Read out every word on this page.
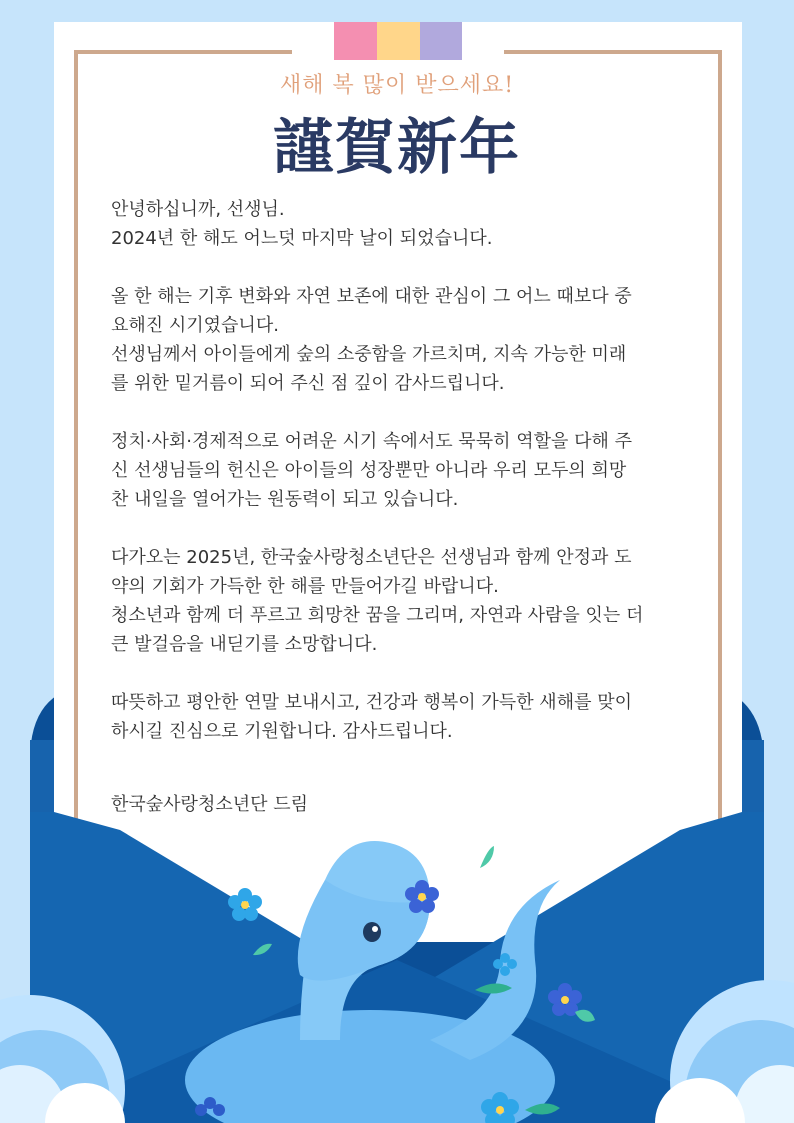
새해 복 많이 받으세요!
謹賀新年

안녕하십니까, 선생님.

2024년 한 해도 어느덧 마지막 날이 되었습니다.

올 한 해는 기후 변화와 자연 보존에 대한 관심이 그 어느 때보다 중

요해진 시기였습니다.

선생님께서 아이들에게 숲의 소중함을 가르치며, 지속 가능한 미래

를 위한 밑거름이 되어 주신 점 깊이 감사드립니다.

정치·사회·경제적으로 어려운 시기 속에서도 묵묵히 역할을 다해 주

신 선생님들의 헌신은 아이들의 성장뿐만 아니라 우리 모두의 희망

찬 내일을 열어가는 원동력이 되고 있습니다.

다가오는 2025년, 한국숲사랑청소년단은 선생님과 함께 안정과 도

약의 기회가 가득한 한 해를 만들어가길 바랍니다.

청소년과 함께 더 푸르고 희망찬 꿈을 그리며, 자연과 사람을 잇는 더

큰 발걸음을 내딛기를 소망합니다.

따뜻하고 평안한 연말 보내시고, 건강과 행복이 가득한 새해를 맞이

하시길 진심으로 기원합니다. 감사드립니다.

한국숲사랑청소년단 드림
